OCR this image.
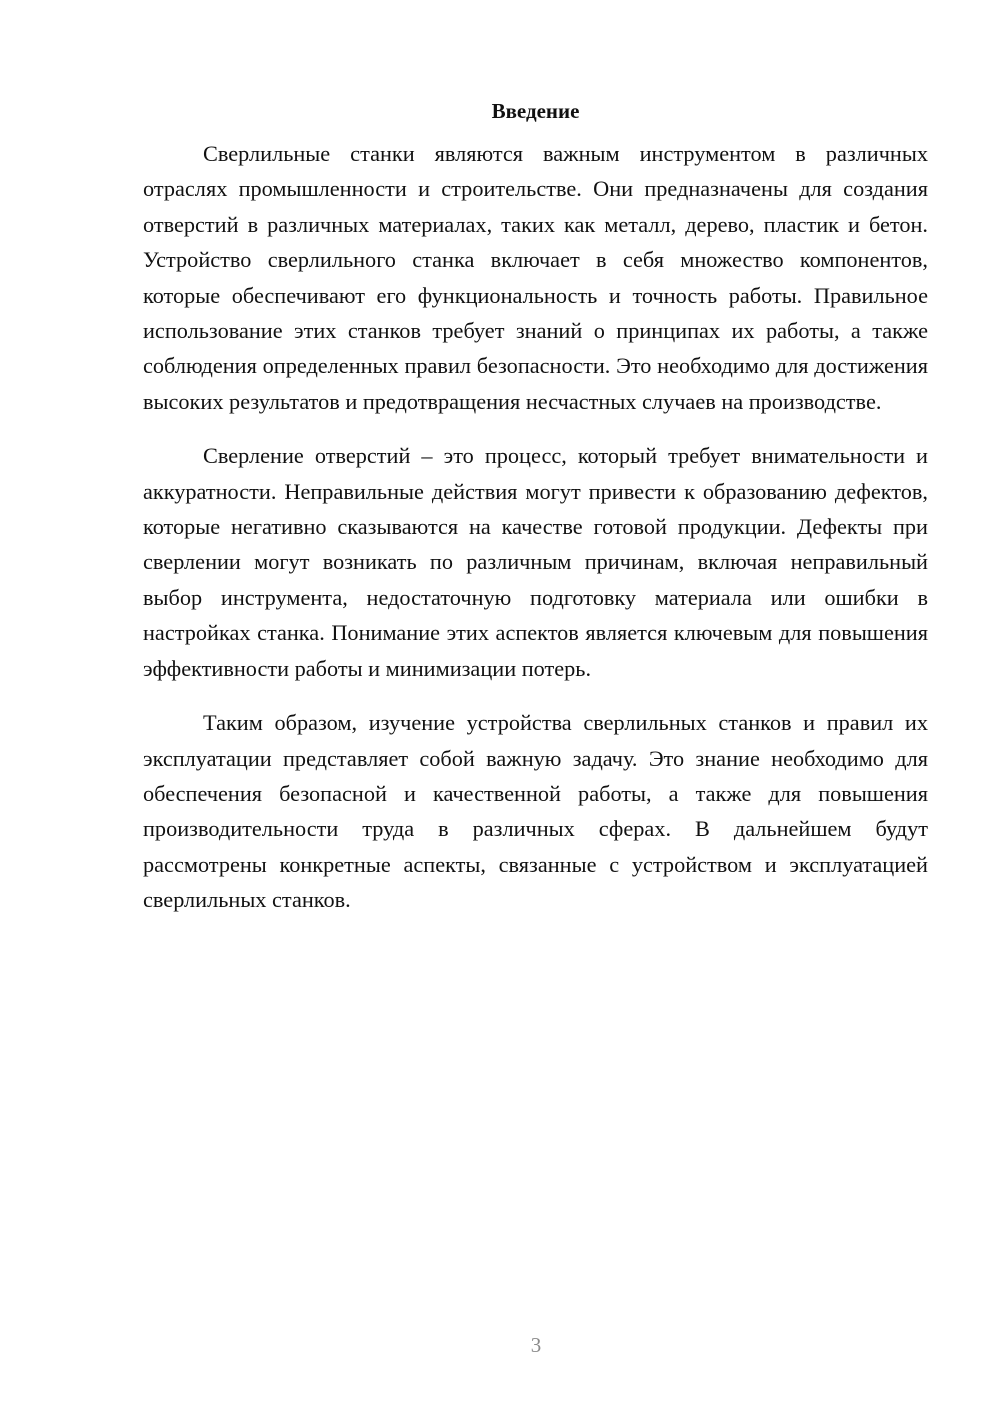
Введение

Сверлильные станки являются важным инструментом в различных отраслях промышленности и строительстве. Они предназначены для создания отверстий в различных материалах, таких как металл, дерево, пластик и бетон. Устройство сверлильного станка включает в себя множество компонентов, которые обеспечивают его функциональность и точность работы. Правильное использование этих станков требует знаний о принципах их работы, а также соблюдения определенных правил безопасности. Это необходимо для достижения высоких результатов и предотвращения несчастных случаев на производстве.

Сверление отверстий – это процесс, который требует внимательности и аккуратности. Неправильные действия могут привести к образованию дефектов, которые негативно сказываются на качестве готовой продукции. Дефекты при сверлении могут возникать по различным причинам, включая неправильный выбор инструмента, недостаточную подготовку материала или ошибки в настройках станка. Понимание этих аспектов является ключевым для повышения эффективности работы и минимизации потерь.

Таким образом, изучение устройства сверлильных станков и правил их эксплуатации представляет собой важную задачу. Это знание необходимо для обеспечения безопасной и качественной работы, а также для повышения производительности труда в различных сферах. В дальнейшем будут рассмотрены конкретные аспекты, связанные с устройством и эксплуатацией сверлильных станков.

3
